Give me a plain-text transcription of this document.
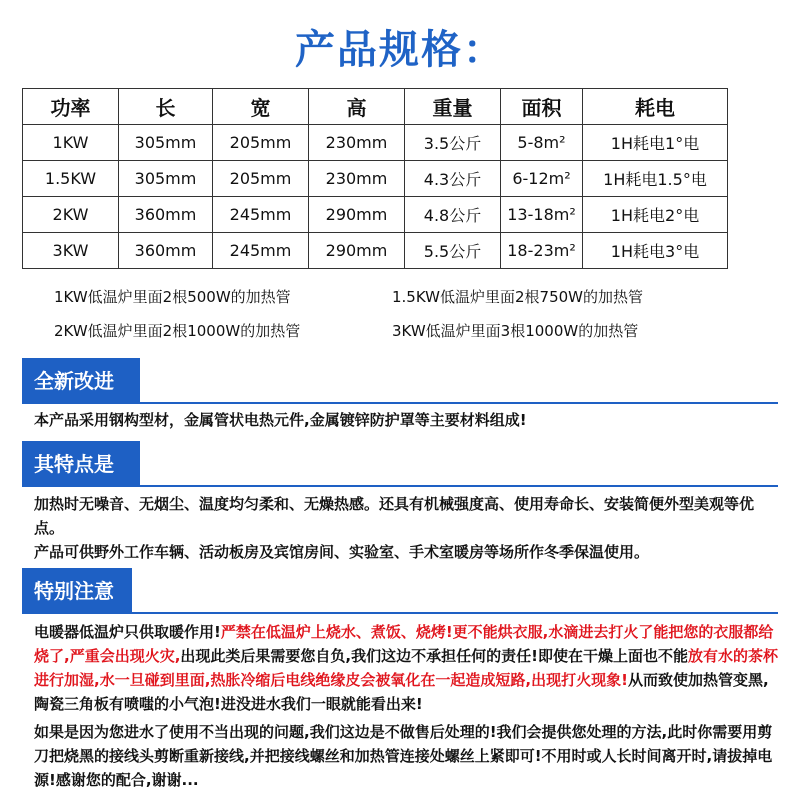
产品规格：
功率	长	宽	高	重量	面积	耗电
1KW	305mm	205mm	230mm	3.5公斤	5-8m²	1H耗电1°电
1.5KW	305mm	205mm	230mm	4.3公斤	6-12m²	1H耗电1.5°电
2KW	360mm	245mm	290mm	4.8公斤	13-18m²	1H耗电2°电
3KW	360mm	245mm	290mm	5.5公斤	18-23m²	1H耗电3°电
1KW低温炉里面2根500W的加热管	1.5KW低温炉里面2根750W的加热管
2KW低温炉里面2根1000W的加热管	3KW低温炉里面3根1000W的加热管
全新改进
本产品采用钢构型材，金属管状电热元件,金属镀锌防护罩等主要材料组成!
其特点是
加热时无噪音、无烟尘、温度均匀柔和、无燥热感。还具有机械强度高、使用寿命长、安装简便外型美观等优点。
产品可供野外工作车辆、活动板房及宾馆房间、实验室、手术室暖房等场所作冬季保温使用。
特别注意
电暖器低温炉只供取暖作用!严禁在低温炉上烧水、煮饭、烧烤!更不能烘衣服,水滴进去打火了能把您的衣服都给烧了,严重会出现火灾,出现此类后果需要您自负,我们这边不承担任何的责任!即使在干燥上面也不能放有水的茶杯进行加湿,水一旦碰到里面,热胀冷缩后电线绝缘皮会被氧化在一起造成短路,出现打火现象!从而致使加热管变黑,陶瓷三角板有喷嗤的小气泡!进没进水我们一眼就能看出来!
如果是因为您进水了使用不当出现的问题,我们这边是不做售后处理的!我们会提供您处理的方法,此时你需要用剪刀把烧黑的接线头剪断重新接线,并把接线螺丝和加热管连接处螺丝上紧即可!不用时或人长时间离开时,请拔掉电源!感谢您的配合,谢谢...
